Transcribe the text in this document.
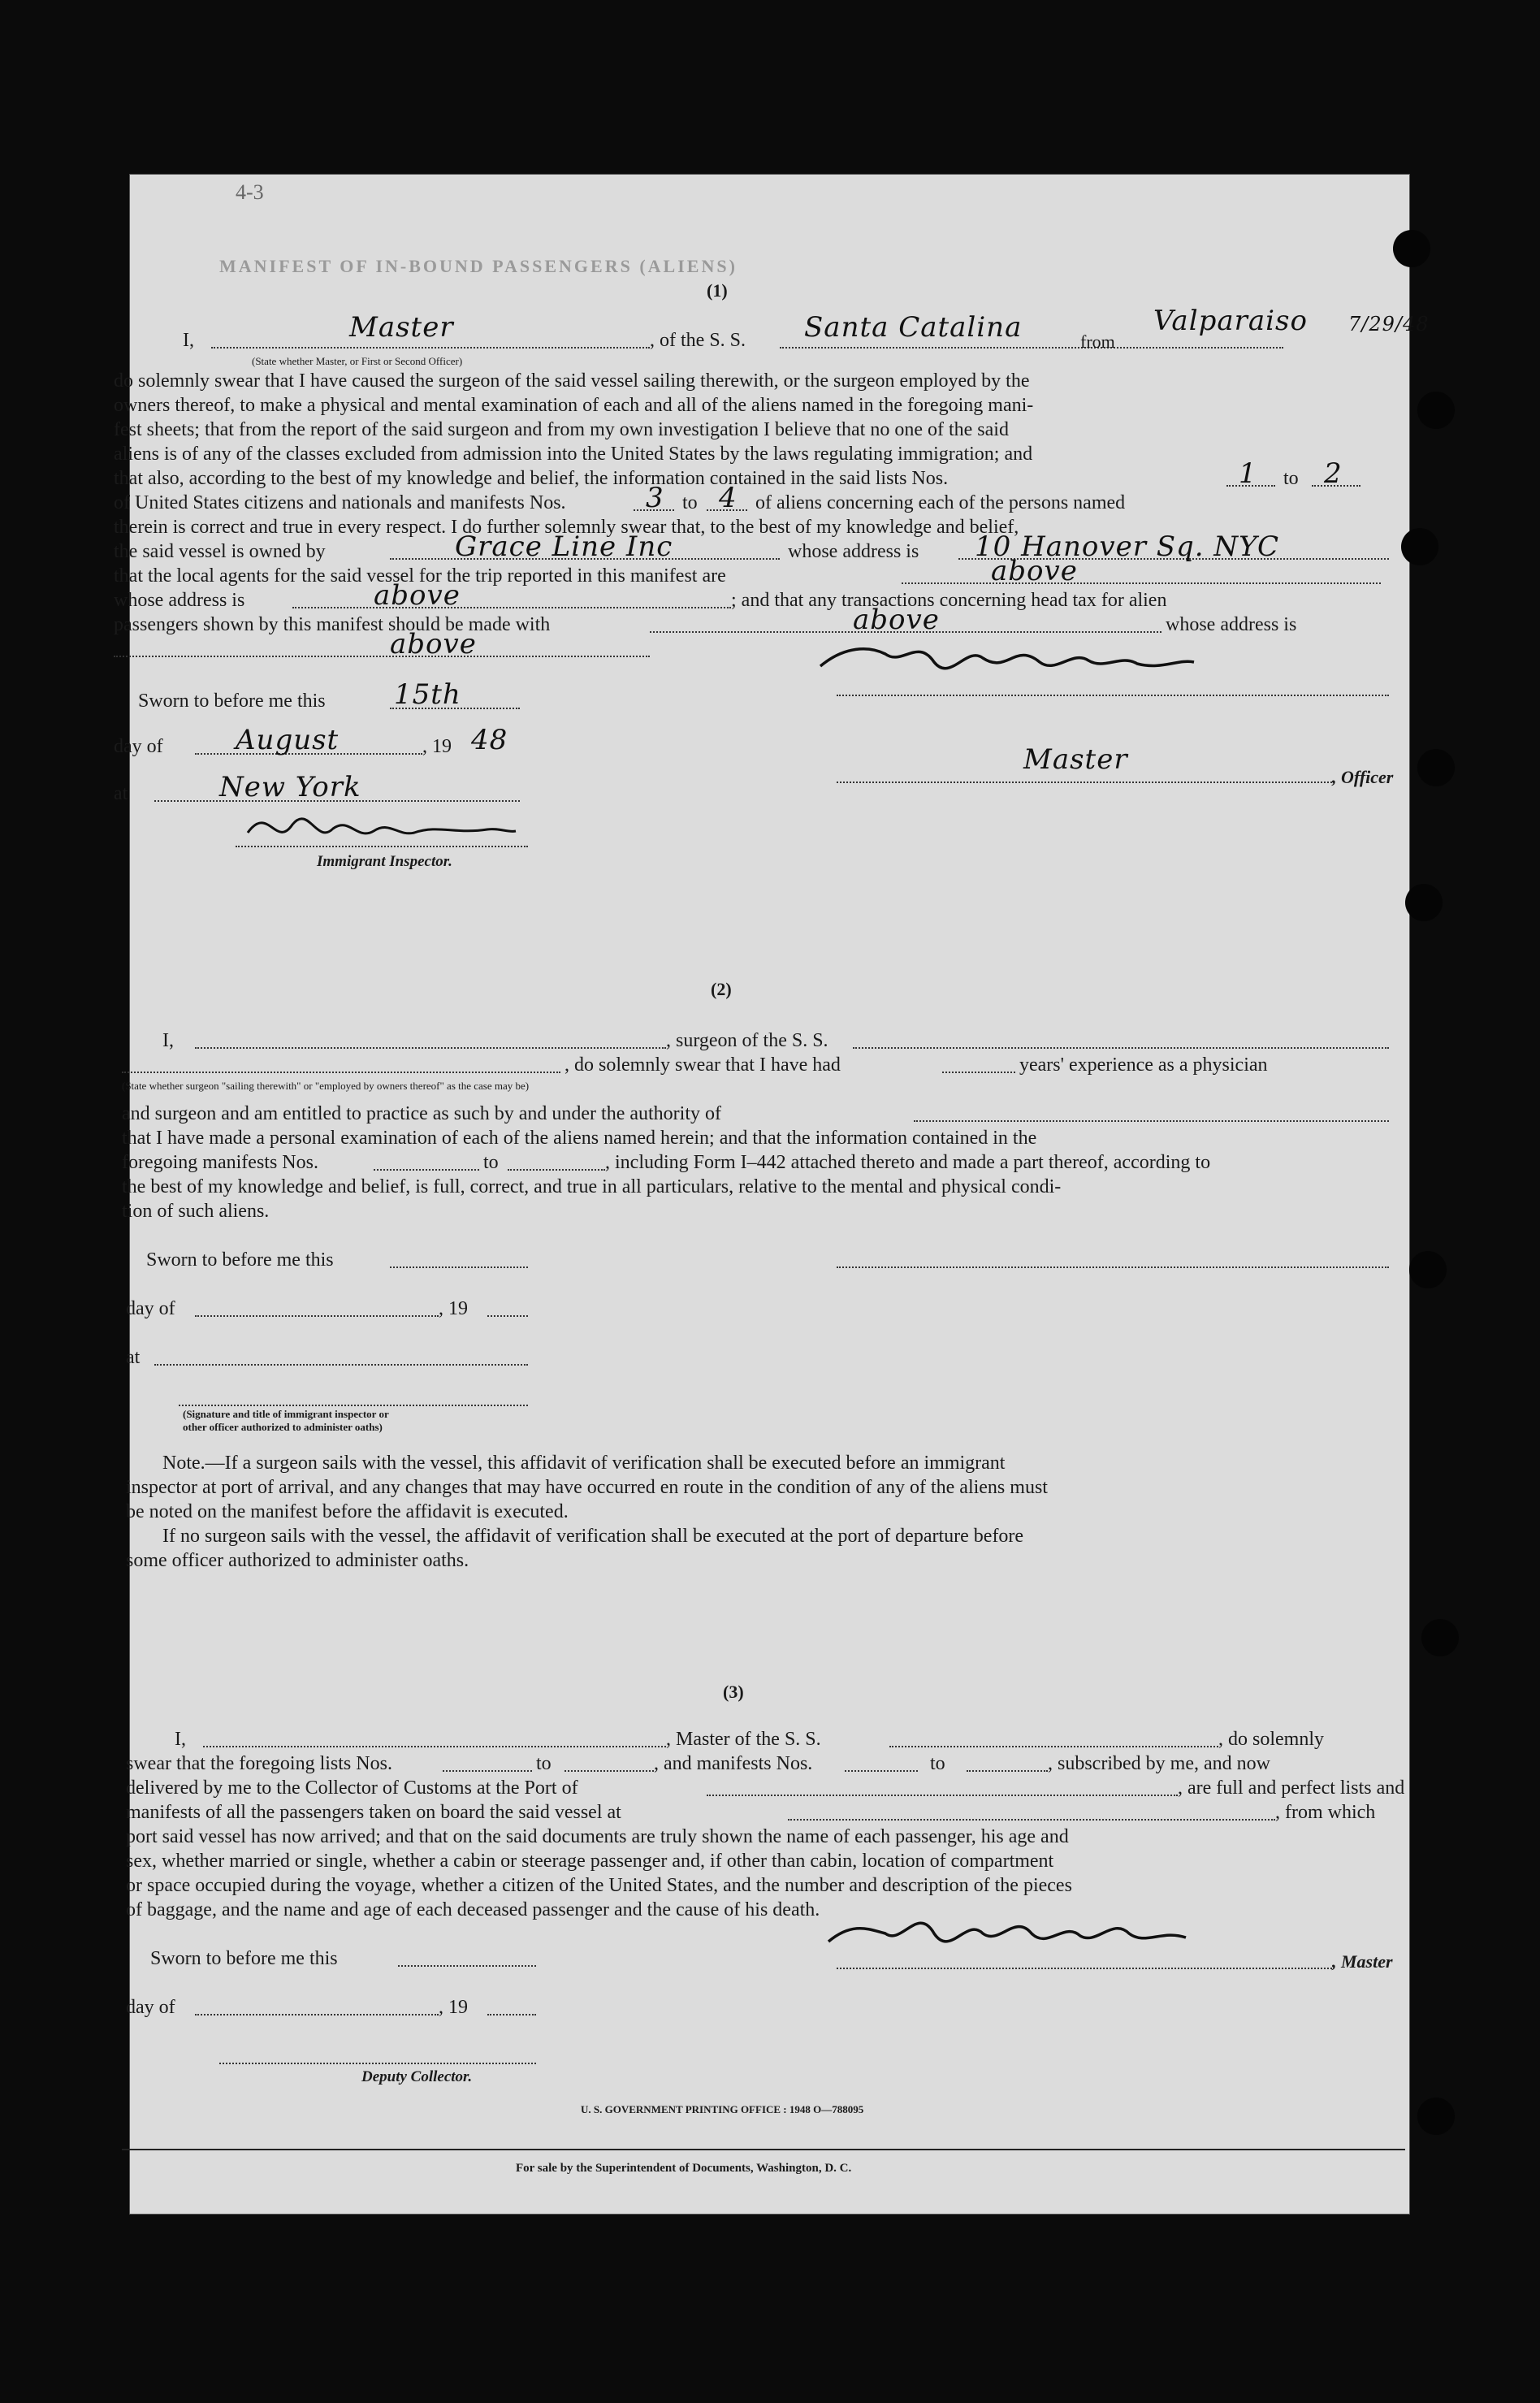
MANIFEST OF IN-BOUND PASSENGERS (ALIENS)
4-3
(1)
I,	Master
(State whether Master, or First or Second Officer)
, of the S. S. Santa Catalina	from
Valparaiso 7/29/48
do solemnly swear that I have caused the surgeon of the said vessel sailing therewith, or the surgeon employed by the
owners thereof, to make a physical and mental examination of each and all of the aliens named in the foregoing mani-
fest sheets; that from the report of the said surgeon and from my own investigation I believe that no one of the said
aliens is of any of the classes excluded from admission into the United States by the laws regulating immigration; and
that also, according to the best of my knowledge and belief, the information contained in the said lists Nos.	1 to 2
of United States citizens and nationals and manifests Nos.	3 to 4 of aliens concerning each of the persons named
therein is correct and true in every respect. I do further solemnly swear that, to the best of my knowledge and belief,
the said vessel is owned by	Grace Line Inc	whose address is 10 Hanover Sq. NYC
that the local agents for the said vessel for the trip reported in this manifest are	above
whose address is	above	; and that any transactions concerning head tax for alien
passengers shown by this manifest should be made with	above	whose address is
above
Sworn to before me this 15th
day of	August	, 19 48
at	New York
Immigrant Inspector.
Master
, Officer
(2)
I,	, surgeon of the S. S.
, do solemnly swear that I have had	years' experience as a physician
(State whether surgeon "sailing therewith" or "employed by owners thereof" as the case may be)
and surgeon and am entitled to practice as such by and under the authority of
that I have made a personal examination of each of the aliens named herein; and that the information contained in the
foregoing manifests Nos.	to	, including Form I–442 attached thereto and made a part thereof, according to
the best of my knowledge and belief, is full, correct, and true in all particulars, relative to the mental and physical condi-
tion of such aliens.
Sworn to before me this
day of	, 19
at
(Signature and title of immigrant inspector or
other officer authorized to administer oaths)
Note.—If a surgeon sails with the vessel, this affidavit of verification shall be executed before an immigrant
inspector at port of arrival, and any changes that may have occurred en route in the condition of any of the aliens must
be noted on the manifest before the affidavit is executed.
If no surgeon sails with the vessel, the affidavit of verification shall be executed at the port of departure before
some officer authorized to administer oaths.
(3)
I,	, Master of the S. S.	, do solemnly
swear that the foregoing lists Nos.	to	, and manifests Nos.	to	, subscribed by me, and now
delivered by me to the Collector of Customs at the Port of	, are full and perfect lists and
manifests of all the passengers taken on board the said vessel at	, from which
port said vessel has now arrived; and that on the said documents are truly shown the name of each passenger, his age and
sex, whether married or single, whether a cabin or steerage passenger and, if other than cabin, location of compartment
or space occupied during the voyage, whether a citizen of the United States, and the number and description of the pieces
of baggage, and the name and age of each deceased passenger and the cause of his death.
Sworn to before me this	, Master
day of	, 19
Deputy Collector.
U. S. GOVERNMENT PRINTING OFFICE : 1948 O—788095
For sale by the Superintendent of Documents, Washington, D. C.
